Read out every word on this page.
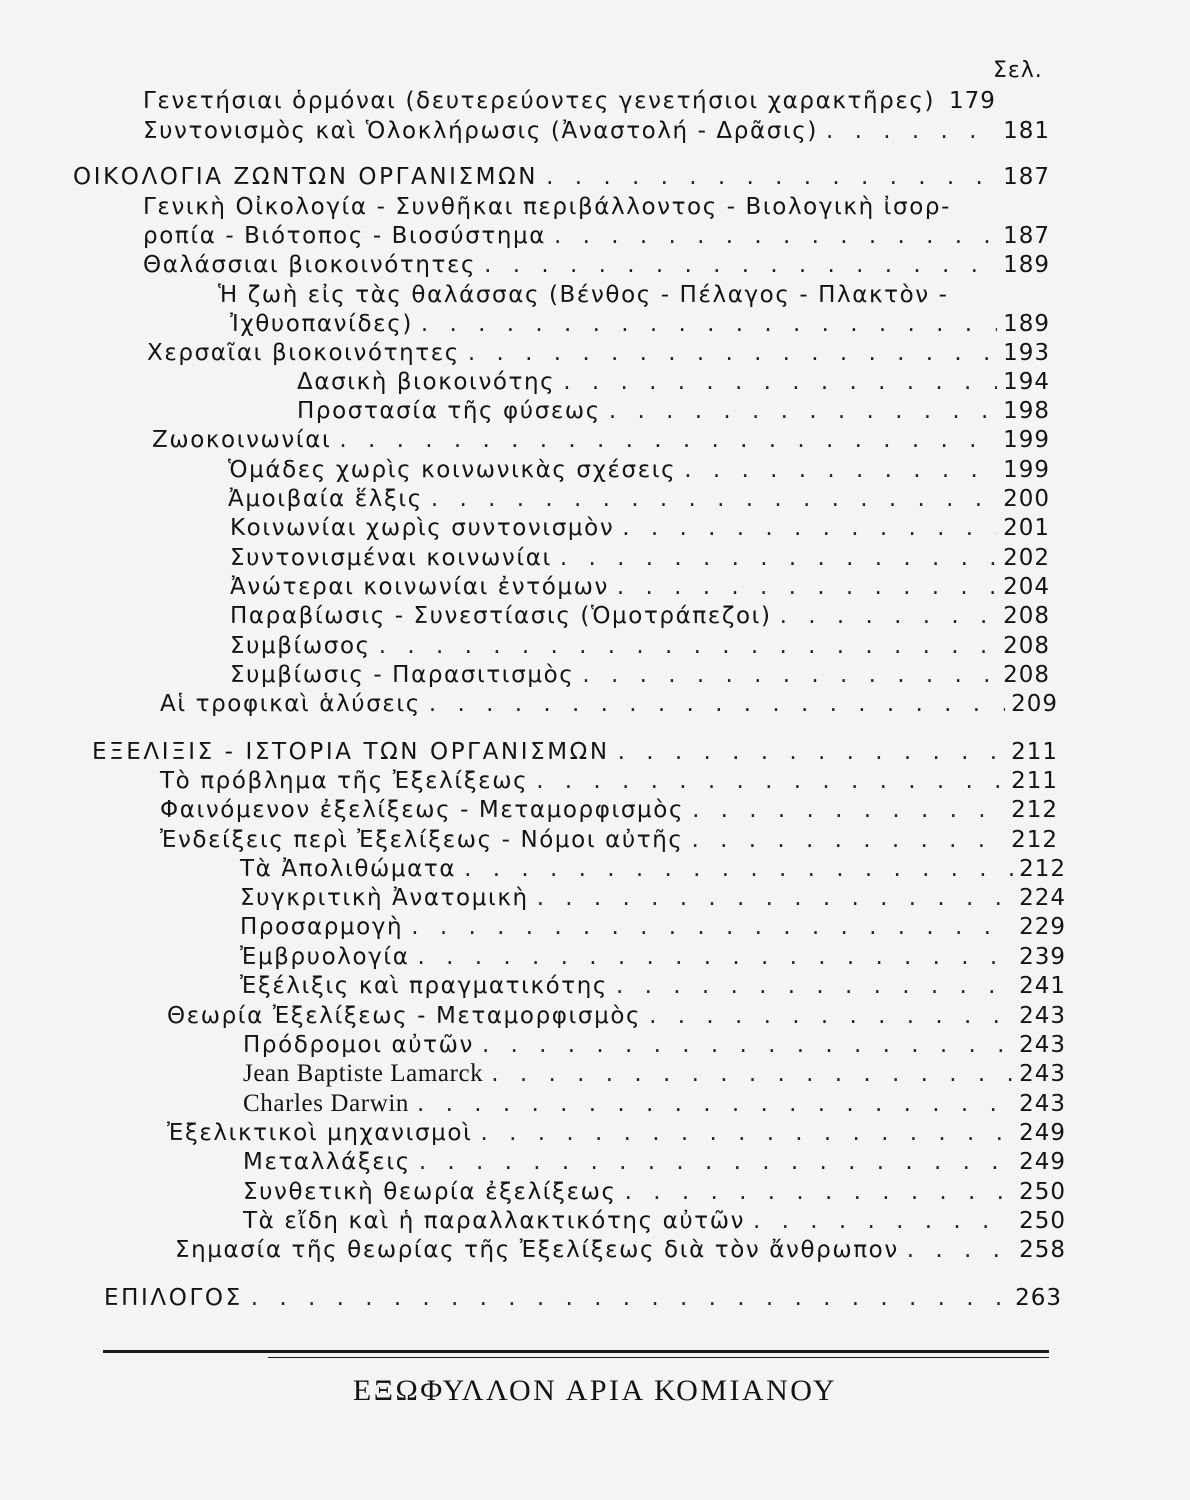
Σελ.
Γενετήσιαι ὁρμόναι (δευτερεύοντες γενετήσιοι χαρακτῆρες) 179
Συντονισμὸς καὶ Ὁλοκλήρωσις (Ἀναστολή - Δρᾶσις) . . .	181
ΟΙΚΟΛΟΓΙΑ ΖΩΝΤΩΝ ΟΡΓΑΝΙΣΜΩΝ . . .	187
Γενικὴ Οἰκολογία - Συνθῆκαι περιβάλλοντος - Βιολογικὴ ἰσορ-
ροπία - Βιότοπος - Βιοσύστημα . . .	187
Θαλάσσιαι βιοκοινότητες . . .	189
Ἡ ζωὴ εἰς τὰς θαλάσσας (Βένθος - Πέλαγος - Πλακτὸν -
Ἰχθυοπανίδες) . . .	189
Χερσαῖαι βιοκοινότητες . . .	193
Δασικὴ βιοκοινότης . . .	194
Προστασία τῆς φύσεως . . .	198
Ζωοκοινωνίαι . . .	199
Ὁμάδες χωρὶς κοινωνικὰς σχέσεις . . .	199
Ἀμοιβαία ἕλξις . . .	200
Κοινωνίαι χωρὶς συντονισμὸν . . .	201
Συντονισμέναι κοινωνίαι . . .	202
Ἀνώτεραι κοινωνίαι ἐντόμων . . .	204
Παραβίωσις - Συνεστίασις (Ὁμοτράπεζοι) . . .	208
Συμβίωσος . . .	208
Συμβίωσις - Παρασιτισμὸς . . .	208
Αἱ τροφικαὶ ἁλύσεις . . .	209
ΕΞΕΛΙΞΙΣ - ΙΣΤΟΡΙΑ ΤΩΝ ΟΡΓΑΝΙΣΜΩΝ . . .	211
Τὸ πρόβλημα τῆς Ἐξελίξεως . . .	211
Φαινόμενον ἐξελίξεως - Μεταμορφισμὸς . . .	212
Ἐνδείξεις περὶ Ἐξελίξεως - Νόμοι αὐτῆς . . .	212
Τὰ Ἀπολιθώματα . . .	212
Συγκριτικὴ Ἀνατομικὴ . . .	224
Προσαρμογὴ . . .	229
Ἐμβρυολογία . . .	239
Ἐξέλιξις καὶ πραγματικότης . . .	241
Θεωρία Ἐξελίξεως - Μεταμορφισμὸς . . .	243
Πρόδρομοι αὐτῶν . . .	243
Jean Baptiste Lamarck . . .	243
Charles Darwin . . .	243
Ἐξελικτικοὶ μηχανισμοὶ . . .	249
Μεταλλάξεις . . .	249
Συνθετικὴ θεωρία ἐξελίξεως . . .	250
Τὰ εἴδη καὶ ἡ παραλλακτικότης αὐτῶν . . .	250
Σημασία τῆς θεωρίας τῆς Ἐξελίξεως διὰ τὸν ἄνθρωπον . . .	258
ΕΠΙΛΟΓΟΣ . . .	263
ΕΞΩΦΥΛΛΟΝ ΑΡΙΑ ΚΟΜΙΑΝΟΥ
